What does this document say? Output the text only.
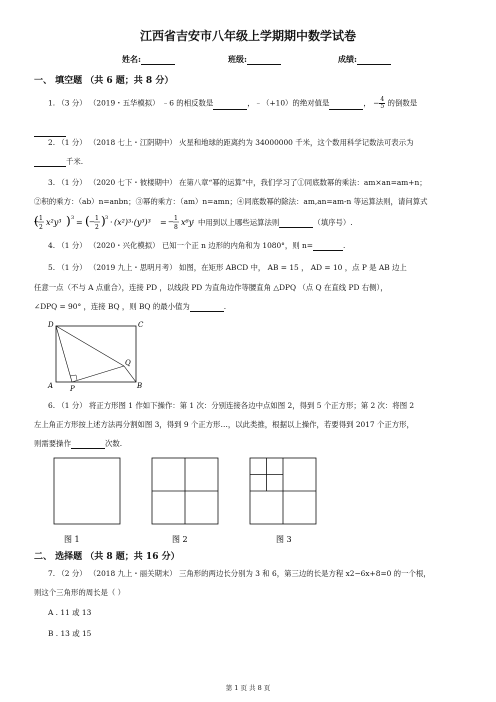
江西省吉安市八年级上学期期中数学试卷
姓名:	班级:	成绩:
一、 填空题 （共 6 题；共 8 分）
1. （3 分） （2019・五华模拟） ﹣6 的相反数是	，﹣（+10）的绝对值是	， − $\frac{4}{5}$ 的倒数是
2. （1 分） （2018 七上・江阴期中） 火星和地球的距离约为 34000000 千米，这个数用科学记数法可表示为
千米.
3. （1 分） （2020 七下・彼楼期中） 在第八章“幂的运算”中，我们学习了①同底数幂的乘法：am×an=am+n；
②积的乘方：（ab）n=anbn；③幂的乘方：（am）n=amn；④同底数幂的除法：am,an=am-n 等运算法则，请问算式
( 1
2
− x²y³ ) 3 = ( − 1
2 ) 3 · (x²)³·(y³)³ = − 1
8
x⁶y 中用到以上哪些运算法则	（填序号）.
4. （1 分） （2020・兴化模拟） 已知一个正 n 边形的内角和为 1080°，则 n=	.
5. （1 分） （2019 九上・思明月考） 如图，在矩形 ABCD 中， AB = 15 ， AD = 10 ，点 P 是 AB 边上
任意一点（不与 A 点重合），连接 PD ，以线段 PD 为直角边作等腰直角 △DPQ （点 Q 在直线 PD 右侧），
∠DPQ = 90° ，连接 BQ ，则 BQ 的最小值为	.
D	C
Q
A P	B
6. （1 分） 将正方形图 1 作如下操作：第 1 次：分别连接各边中点如图 2，得到 5 个正方形；第 2 次：将图 2
左上角正方形按上述方法再分割如图 3，得到 9 个正方形…，以此类推，根据以上操作，若要得到 2017 个正方形，
则需要操作	次数.
图 1	图 2	图 3
二、 选择题 （共 8 题；共 16 分）
7. （2 分） （2018 九上・丽关期末） 三角形的两边长分别为 3 和 6，第三边的长是方程 x2−6x+8=0 的一个根，
则这个三角形的周长是（ ）
A . 11 或 13
B . 13 或 15
第 1 页 共 8 页
